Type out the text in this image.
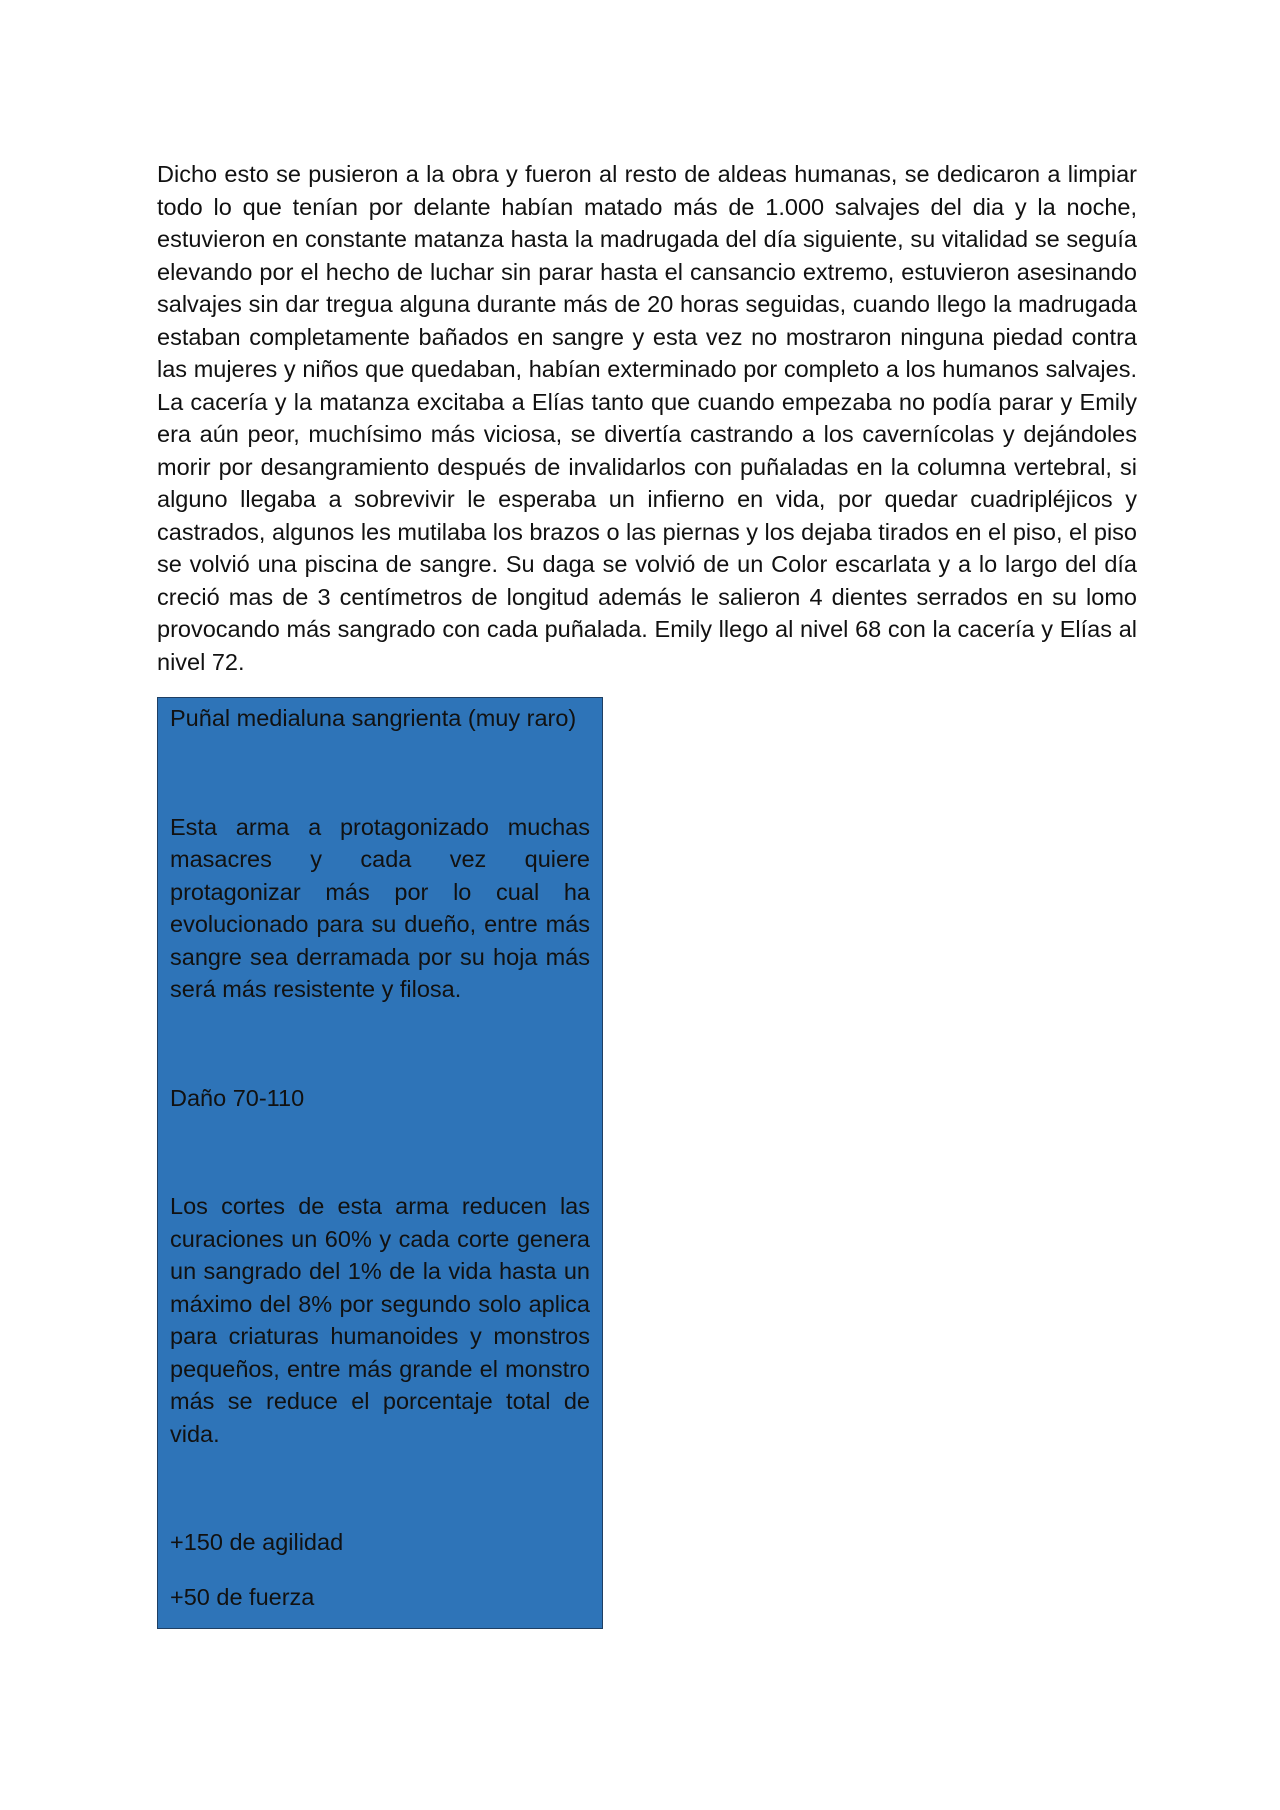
Dicho esto se pusieron a la obra y fueron al resto de aldeas humanas, se dedicaron a limpiar todo lo que tenían por delante habían matado más de 1.000 salvajes del dia y la noche, estuvieron en constante matanza hasta la madrugada del día siguiente, su vitalidad se seguía elevando por el hecho de luchar sin parar hasta el cansancio extremo, estuvieron asesinando salvajes sin dar tregua alguna durante más de 20 horas seguidas, cuando llego la madrugada estaban completamente bañados en sangre y esta vez no mostraron ninguna piedad contra las mujeres y niños que quedaban, habían exterminado por completo a los humanos salvajes. La cacería y la matanza excitaba a Elías tanto que cuando empezaba no podía parar y Emily era aún peor, muchísimo más viciosa, se divertía castrando a los cavernícolas y dejándoles morir por desangramiento después de invalidarlos con puñaladas en la columna vertebral, si alguno llegaba a sobrevivir le esperaba un infierno en vida, por quedar cuadripléjicos y castrados, algunos les mutilaba los brazos o las piernas y los dejaba tirados en el piso, el piso se volvió una piscina de sangre. Su daga se volvió de un Color escarlata y a lo largo del día creció mas de 3 centímetros de longitud además le salieron 4 dientes serrados en su lomo provocando más sangrado con cada puñalada. Emily llego al nivel 68 con la cacería y Elías al nivel 72.

Puñal medialuna sangrienta (muy raro)

Esta arma a protagonizado muchas masacres y cada vez quiere protagonizar más por lo cual ha evolucionado para su dueño, entre más sangre sea derramada por su hoja más será más resistente y filosa.

Daño 70-110

Los cortes de esta arma reducen las curaciones un 60% y cada corte genera un sangrado del 1% de la vida hasta un máximo del 8% por segundo solo aplica para criaturas humanoides y monstros pequeños, entre más grande el monstro más se reduce el porcentaje total de vida.

+150 de agilidad

+50 de fuerza
